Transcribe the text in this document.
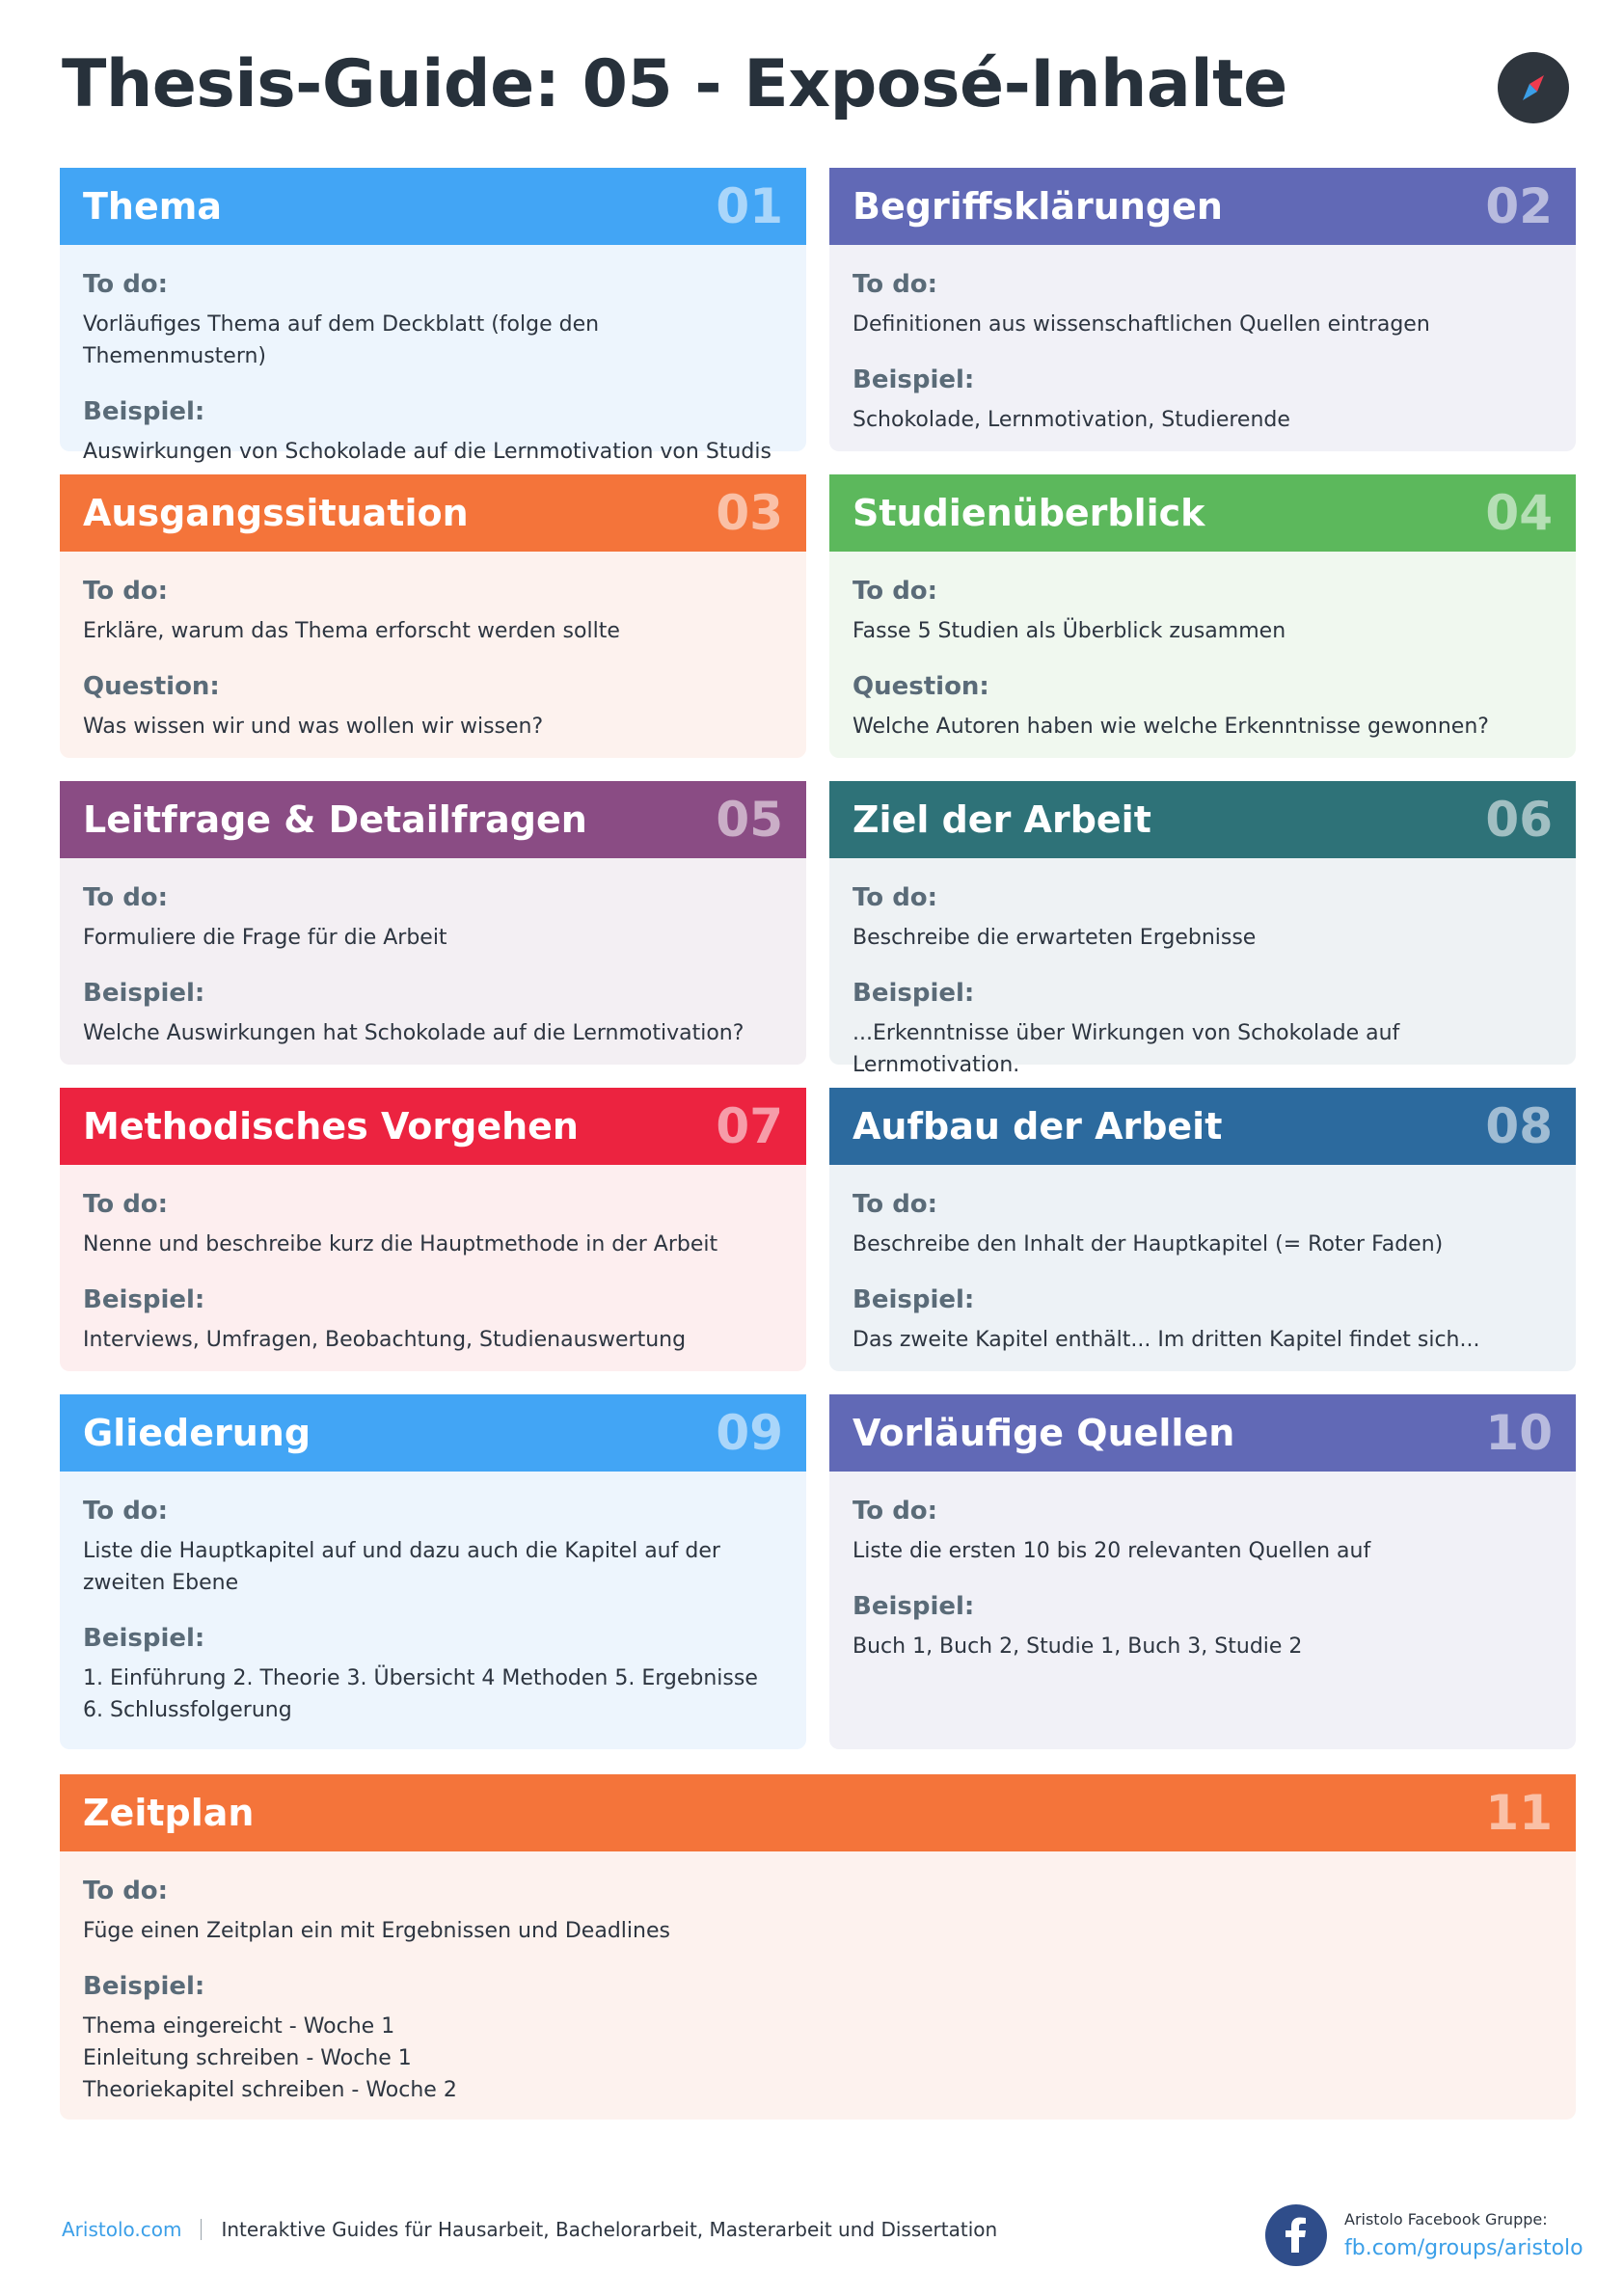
Thesis-Guide: 05 - Exposé-Inhalte
Thema	01
To do:
Vorläufiges Thema auf dem Deckblatt (folge den Themenmustern)
Beispiel:
Auswirkungen von Schokolade auf die Lernmotivation von Studis
Begriffsklärungen	02
To do:
Definitionen aus wissenschaftlichen Quellen eintragen
Beispiel:
Schokolade, Lernmotivation, Studierende
Ausgangssituation	03
To do:
Erkläre, warum das Thema erforscht werden sollte
Question:
Was wissen wir und was wollen wir wissen?
Studienüberblick	04
To do:
Fasse 5 Studien als Überblick zusammen
Question:
Welche Autoren haben wie welche Erkenntnisse gewonnen?
Leitfrage & Detailfragen	05
To do:
Formuliere die Frage für die Arbeit
Beispiel:
Welche Auswirkungen hat Schokolade auf die Lernmotivation?
Ziel der Arbeit	06
To do:
Beschreibe die erwarteten Ergebnisse
Beispiel:
...Erkenntnisse über Wirkungen von Schokolade auf Lernmotivation.
Methodisches Vorgehen	07
To do:
Nenne und beschreibe kurz die Hauptmethode in der Arbeit
Beispiel:
Interviews, Umfragen, Beobachtung, Studienauswertung
Aufbau der Arbeit	08
To do:
Beschreibe den Inhalt der Hauptkapitel (= Roter Faden)
Beispiel:
Das zweite Kapitel enthält... Im dritten Kapitel findet sich...
Gliederung	09
To do:
Liste die Hauptkapitel auf und dazu auch die Kapitel auf der
zweiten Ebene
Beispiel:
1. Einführung 2. Theorie 3. Übersicht 4 Methoden 5. Ergebnisse
6. Schlussfolgerung
Vorläufige Quellen	10
To do:
Liste die ersten 10 bis 20 relevanten Quellen auf
Beispiel:
Buch 1, Buch 2, Studie 1, Buch 3, Studie 2
Zeitplan	11
To do:
Füge einen Zeitplan ein mit Ergebnissen und Deadlines
Beispiel:
Thema eingereicht - Woche 1
Einleitung schreiben - Woche 1
Theoriekapitel schreiben - Woche 2
Aristolo.com Interaktive Guides für Hausarbeit, Bachelorarbeit, Masterarbeit und Dissertation	Aristolo Facebook Gruppe:
fb.com/groups/aristolo
